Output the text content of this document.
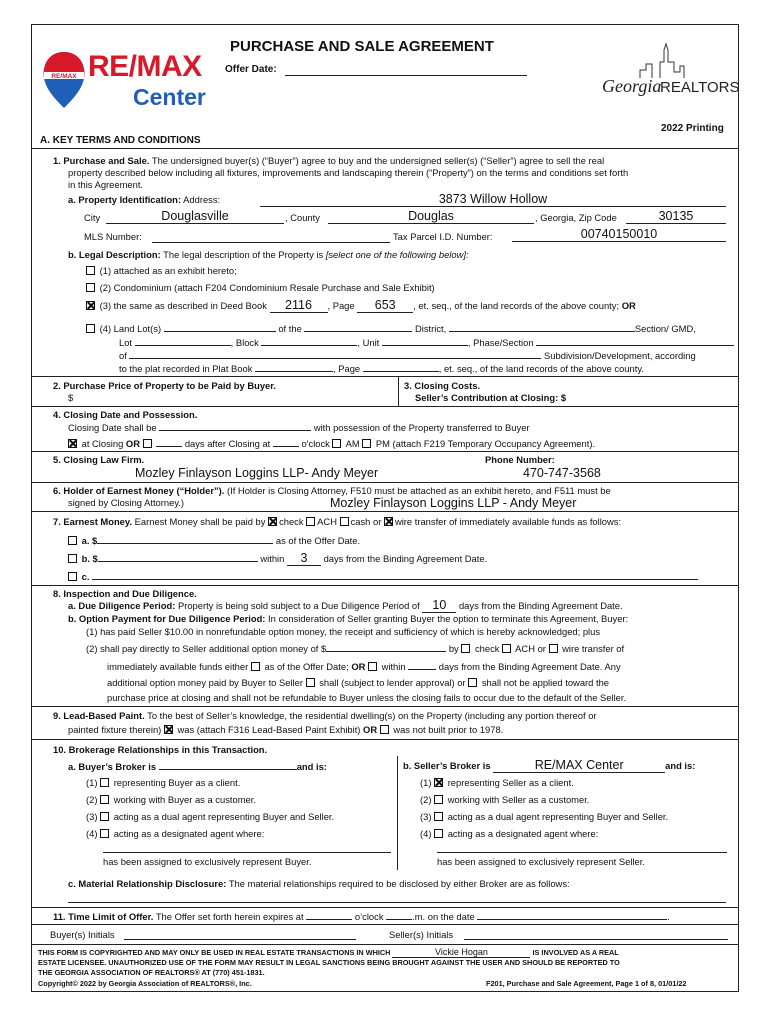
RE/MAX RE/MAX
Center
PURCHASE AND SALE AGREEMENT
Offer Date:
Georgia
REALTORS
2022 Printing
A. KEY TERMS AND CONDITIONS
1. Purchase and Sale. The undersigned buyer(s) (“Buyer”) agree to buy and the undersigned seller(s) (“Seller”) agree to sell the real
property described below including all fixtures, improvements and landscaping therein (“Property”) on the terms and conditions set forth
in this Agreement.
a. Property Identification: Address:	3873 Willow Hollow
City	Douglasville	, County	Douglas	, Georgia, Zip Code	30135
MLS Number:	Tax Parcel I.D. Number:	00740150010
b. Legal Description: The legal description of the Property is [select one of the following below]:
(1) attached as an exhibit hereto;
(2) Condominium (attach F204 Condominium Resale Purchase and Sale Exhibit)
(3) the same as described in Deed Book 2116 , Page 653 , et. seq., of the land records of the above county; OR
(4) Land Lot(s)	of the	District,	Section/ GMD,
Lot	, Block	, Unit	, Phase/Section
of	Subdivision/Development, according
to the plat recorded in Plat Book	, Page	, et. seq., of the land records of the above county.
2. Purchase Price of Property to be Paid by Buyer.
$
3. Closing Costs.
Seller’s Contribution at Closing: $
4. Closing Date and Possession.
Closing Date shall be	with possession of the Property transferred to Buyer
at Closing OR	days after Closing at	o'clock AM PM (attach F219 Temporary Occupancy Agreement).
5. Closing Law Firm.	Phone Number:
Mozley Finlayson Loggins LLP- Andy Meyer	470-747-3568
6. Holder of Earnest Money (“Holder”). (If Holder is Closing Attorney, F510 must be attached as an exhibit hereto, and F511 must be
signed by Closing Attorney.)	Mozley Finlayson Loggins LLP - Andy Meyer
7. Earnest Money. Earnest Money shall be paid by check ACH cash or wire transfer of immediately available funds as follows:
a. $	as of the Offer Date.
b. $	within 3 days from the Binding Agreement Date.
c.
8. Inspection and Due Diligence.
a. Due Diligence Period: Property is being sold subject to a Due Diligence Period of 10 days from the Binding Agreement Date.
b. Option Payment for Due Diligence Period: In consideration of Seller granting Buyer the option to terminate this Agreement, Buyer:
(1) has paid Seller $10.00 in nonrefundable option money, the receipt and sufficiency of which is hereby acknowledged; plus
(2) shall pay directly to Seller additional option money of $	by check ACH or wire transfer of
immediately available funds either as of the Offer Date; OR within	days from the Binding Agreement Date. Any
additional option money paid by Buyer to Seller shall (subject to lender approval) or shall not be applied toward the
purchase price at closing and shall not be refundable to Buyer unless the closing fails to occur due to the default of the Seller.
9. Lead-Based Paint. To the best of Seller’s knowledge, the residential dwelling(s) on the Property (including any portion thereof or
painted fixture therein) was (attach F316 Lead-Based Paint Exhibit) OR was not built prior to 1978.
10. Brokerage Relationships in this Transaction.
a. Buyer’s Broker is	and is:	b. Seller’s Broker is	RE/MAX Center	and is:
(1) representing Buyer as a client.
(2) working with Buyer as a customer.
(3) acting as a dual agent representing Buyer and Seller.
(4) acting as a designated agent where:
has been assigned to exclusively represent Buyer.
(1) representing Seller as a client.
(2) working with Seller as a customer.
(3) acting as a dual agent representing Buyer and Seller.
(4) acting as a designated agent where:
has been assigned to exclusively represent Seller.
c. Material Relationship Disclosure: The material relationships required to be disclosed by either Broker are as follows:
11. Time Limit of Offer. The Offer set forth herein expires at	o’clock	.m. on the date	.
Buyer(s) Initials	Seller(s) Initials
THIS FORM IS COPYRIGHTED AND MAY ONLY BE USED IN REAL ESTATE TRANSACTIONS IN WHICH	Vickie Hogan	IS INVOLVED AS A REAL
ESTATE LICENSEE. UNAUTHORIZED USE OF THE FORM MAY RESULT IN LEGAL SANCTIONS BEING BROUGHT AGAINST THE USER AND SHOULD BE REPORTED TO
THE GEORGIA ASSOCIATION OF REALTORS® AT (770) 451-1831.
Copyright© 2022 by Georgia Association of REALTORS®, Inc.	F201, Purchase and Sale Agreement, Page 1 of 8, 01/01/22
